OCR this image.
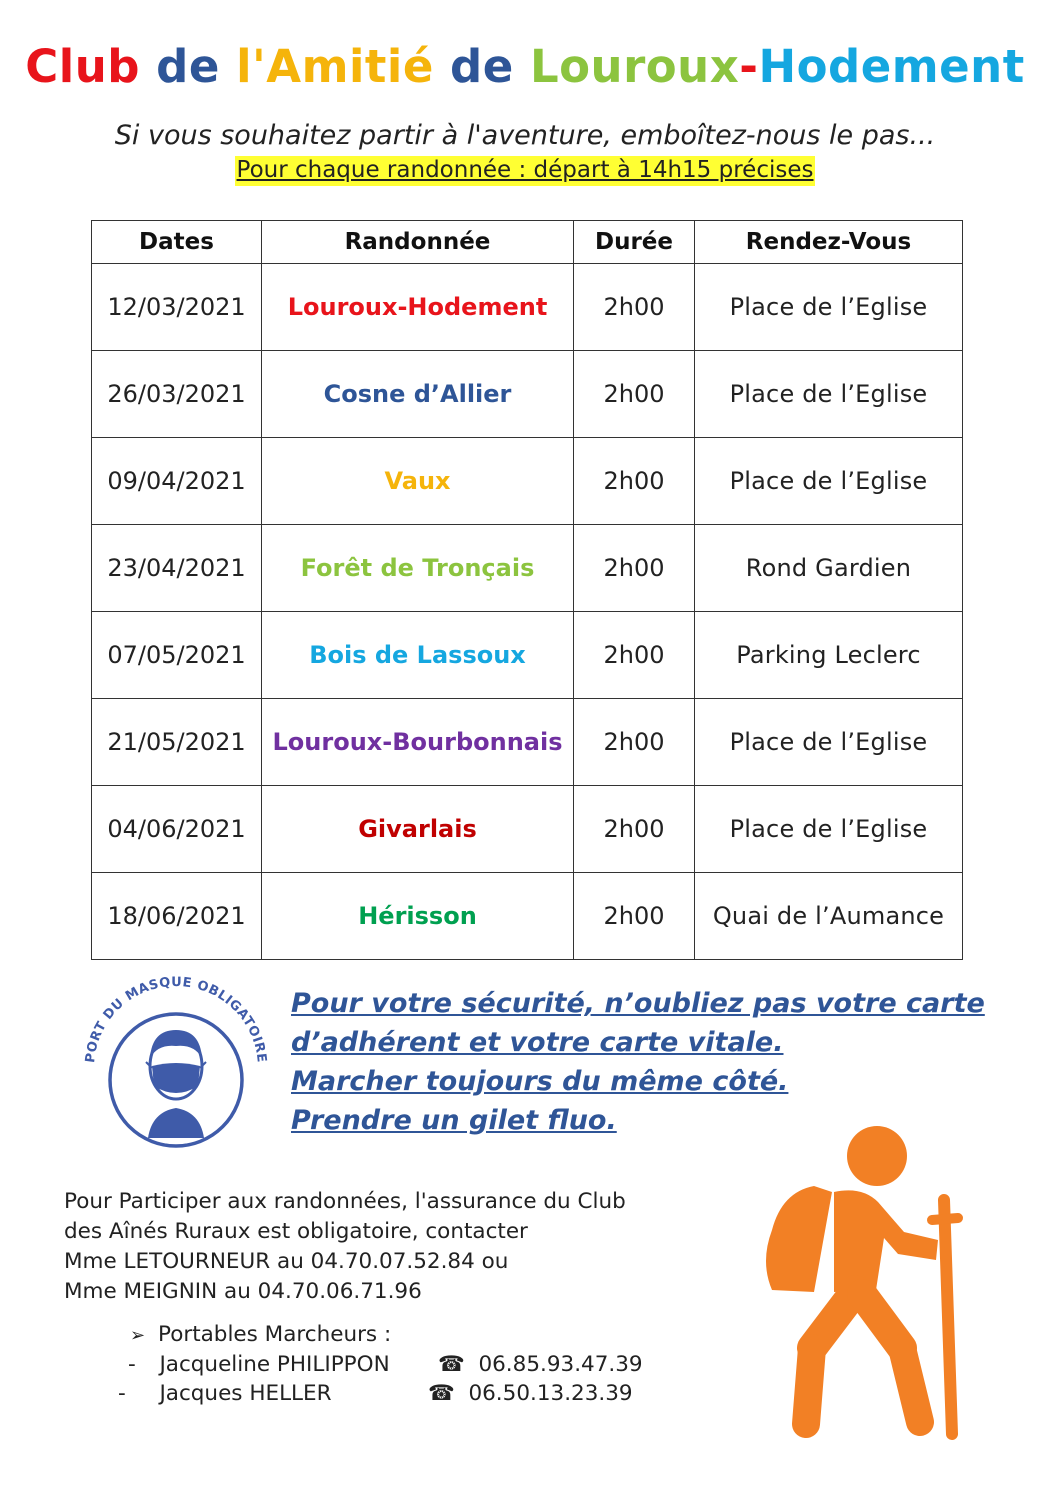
Club de l'Amitié de Louroux-Hodement
Si vous souhaitez partir à l'aventure, emboîtez-nous le pas...
Pour chaque randonnée : départ à 14h15 précises
Dates	Randonnée	Durée	Rendez-Vous
12/03/2021	Louroux-Hodement	2h00	Place de l’Eglise
26/03/2021	Cosne d’Allier	2h00	Place de l’Eglise
09/04/2021	Vaux	2h00	Place de l’Eglise
23/04/2021	Forêt de Tronçais	2h00	Rond Gardien
07/05/2021	Bois de Lassoux	2h00	Parking Leclerc
21/05/2021	Louroux-Bourbonnais	2h00	Place de l’Eglise
04/06/2021	Givarlais	2h00	Place de l’Eglise
18/06/2021	Hérisson	2h00	Quai de l’Aumance
PORT DU MASQUE OBLIGATOIRE
Pour votre sécurité, n’oubliez pas votre carte
d’adhérent et votre carte vitale.
Marcher toujours du même côté.
Prendre un gilet fluo.
Pour Participer aux randonnées, l'assurance du Club
des Aînés Ruraux est obligatoire, contacter
Mme LETOURNEUR au 04.70.07.52.84 ou
Mme MEIGNIN au 04.70.06.71.96
➢ Portables Marcheurs :
- Jacqueline PHILIPPON ☎ 06.85.93.47.39
- Jacques HELLER	☎ 06.50.13.23.39
